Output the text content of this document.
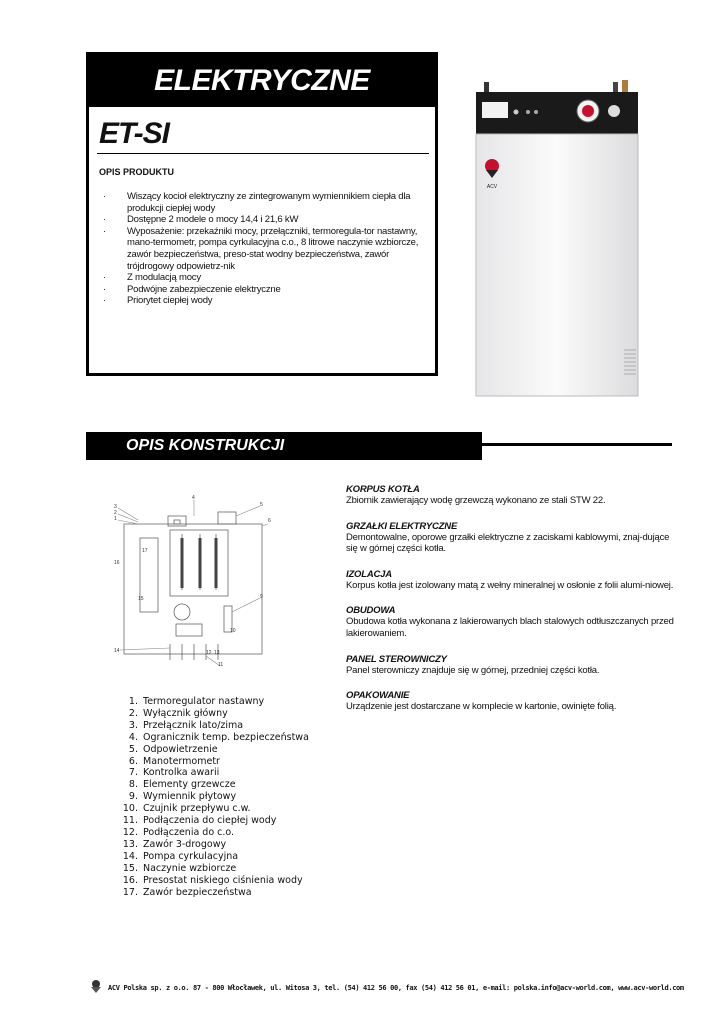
ELEKTRYCZNE
ET-SI
OPIS PRODUKTU
· Wiszący kocioł elektryczny ze zintegrowanym wymiennikiem ciepła dla produkcji ciepłej wody
· Dostępne 2 modele o mocy 14,4 i 21,6 kW
· Wyposażenie: przekaźniki mocy, przełączniki, termoregula-tor nastawny, mano-termometr, pompa cyrkulacyjna c.o., 8 litrowe naczynie wzbiorcze, zawór bezpieczeństwa, preso-stat wodny bezpieczeństwa, zawór trójdrogowy odpowietrz-nik
· Z modulacją mocy
· Podwójne zabezpieczenie elektryczne
· Priorytet ciepłej wody
ACV
OPIS KONSTRUKCJI
3
2
1
4
5
6
16
17
15	9
10
14	12 13
11
1. Termoregulator nastawny
2. Wyłącznik główny
3. Przełącznik lato/zima
4. Ogranicznik temp. bezpieczeństwa
5. Odpowietrzenie
6. Manotermometr
7. Kontrolka awarii
8. Elementy grzewcze
9. Wymiennik płytowy
10. Czujnik przepływu c.w.
11. Podłączenia do ciepłej wody
12. Podłączenia do c.o.
13. Zawór 3-drogowy
14. Pompa cyrkulacyjna
15. Naczynie wzbiorcze
16. Presostat niskiego ciśnienia wody
17. Zawór bezpieczeństwa
KORPUS KOTŁA
Zbiornik zawierający wodę grzewczą wykonano ze stali STW 22.
GRZAŁKI ELEKTRYCZNE
Demontowalne, oporowe grzałki elektryczne z zaciskami kablowymi, znaj-dujące się w górnej części kotła.
IZOLACJA
Korpus kotła jest izolowany matą z wełny mineralnej w osłonie z folii alumi-niowej.
OBUDOWA
Obudowa kotła wykonana z lakierowanych blach stalowych odtłuszczanych przed lakierowaniem.
PANEL STEROWNICZY
Panel sterowniczy znajduje się w górnej, przedniej części kotła.
OPAKOWANIE
Urządzenie jest dostarczane w komplecie w kartonie, owinięte folią.
ACV Polska sp. z o.o. 87 - 800 Włocławek, ul. Witosa 3, tel. (54) 412 56 00, fax (54) 412 56 01, e-mail: polska.info@acv-world.com, www.acv-world.com
